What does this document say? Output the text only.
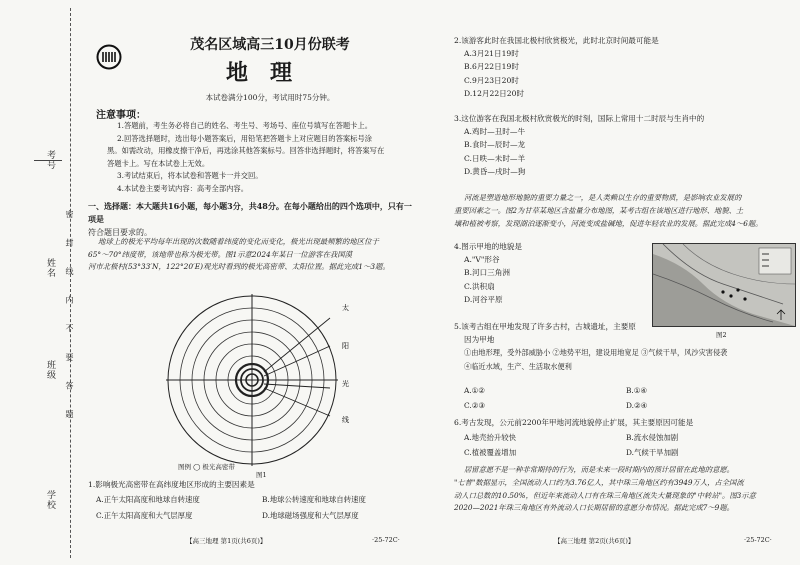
考号
姓名
班级
学校
密 封 线 内 不 要 答 题
茂名区域高三10月份联考
地理
本试卷满分100分，考试用时75分钟。
注意事项：

1.答题前，考生务必将自己的姓名、考生号、考场号、座位号填写在答题卡上。

2.回答选择题时，选出每小题答案后，用铅笔把答题卡上对应题目的答案标号涂

黑。如需改动，用橡皮擦干净后，再选涂其他答案标号。回答非选择题时，将答案写在

答题卡上。写在本试卷上无效。

3.考试结束后，将本试卷和答题卡一并交回。

4.本试卷主要考试内容：高考全部内容。

一、选择题：本大题共16小题，每小题3分，共48分。在每小题给出的四个选项中，只有一项是
符合题目要求的。
地球上的极光平均每年出现的次数随着纬度的变化而变化，极光出现最频繁的地区位于
65°～70°纬度带，该地带也称为极光带。图1示意2024年某日一位游客在我国漠
河市北极村(53°33′N，122°20′E)观光时看到的极光高密带、太阳位置。据此完成1～3题。
太
阳
光
线
图例 ◯ 极光高密带
图1
1.影响极光高密带在高纬度地区形成的主要因素是
A.正午太阳高度和地球自转速度	B.地球公转速度和地球自转速度
C.正午太阳高度和大气层厚度	D.地球磁场强度和大气层厚度
【高三地理 第1页(共6页)】	·25-72C·
2.该游客此时在我国北极村欣赏极光，此时北京时间最可能是
A.3月21日19时
B.6月22日19时
C.9月23日20时
D.12月22日20时
3.这位游客在我国北极村欣赏极光的时刻，国际上常用十二时辰与生肖中的
A.鸡时—丑时—牛
B.食时—辰时—龙
C.日昳—未时—羊
D.黄昏—戌时—狗
河流是塑造地形地貌的重要力量之一，是人类赖以生存的重要物质，是影响农业发展的
重要因素之一。图2为甘草某地区含盐量分布地图，某考古组在该地区进行地形、地貌、土
壤和植被考察，发现湖泊逐渐变小，河流变成盐碱地，促进年轻农业的发展。据此完成4～6题。
4.图示甲地的地貌是
A."V"形谷
B.河口三角洲
C.洪积扇
D.河谷平原
图2
5.该考古组在甲地发现了许多古村，古城遗址，主要原
因为甲地
①由地形理，受外部威胁小 ②地势平坦，建设用地宽足 ③气候干旱，风沙灾害侵袭
④临近水域，生产、生活取水便利
A.①②	B.①④
C.②③	D.②④
6.考古发现，公元前2200年甲地河流地貌停止扩展，其主要原因可能是
A.地壳抬升较快	B.流水侵蚀加剧
C.植被覆盖增加	D.气候干旱加剧
居留意愿不是一种非常期待的行为，而是未来一段时期内的预计居留在此地的意愿。
"七普"数据显示，全国流动人口约为3.76亿人，其中珠三角地区约有3949万人，占全国流
动人口总数的10.50%，但近年来流动人口有在珠三角地区流失大量现象的"中转站"。图3示意
2020—2021年珠三角地区有外流动人口长期居留的意愿分布情况。据此完成7～9题。
【高三地理 第2页(共6页)】	·25-72C·
